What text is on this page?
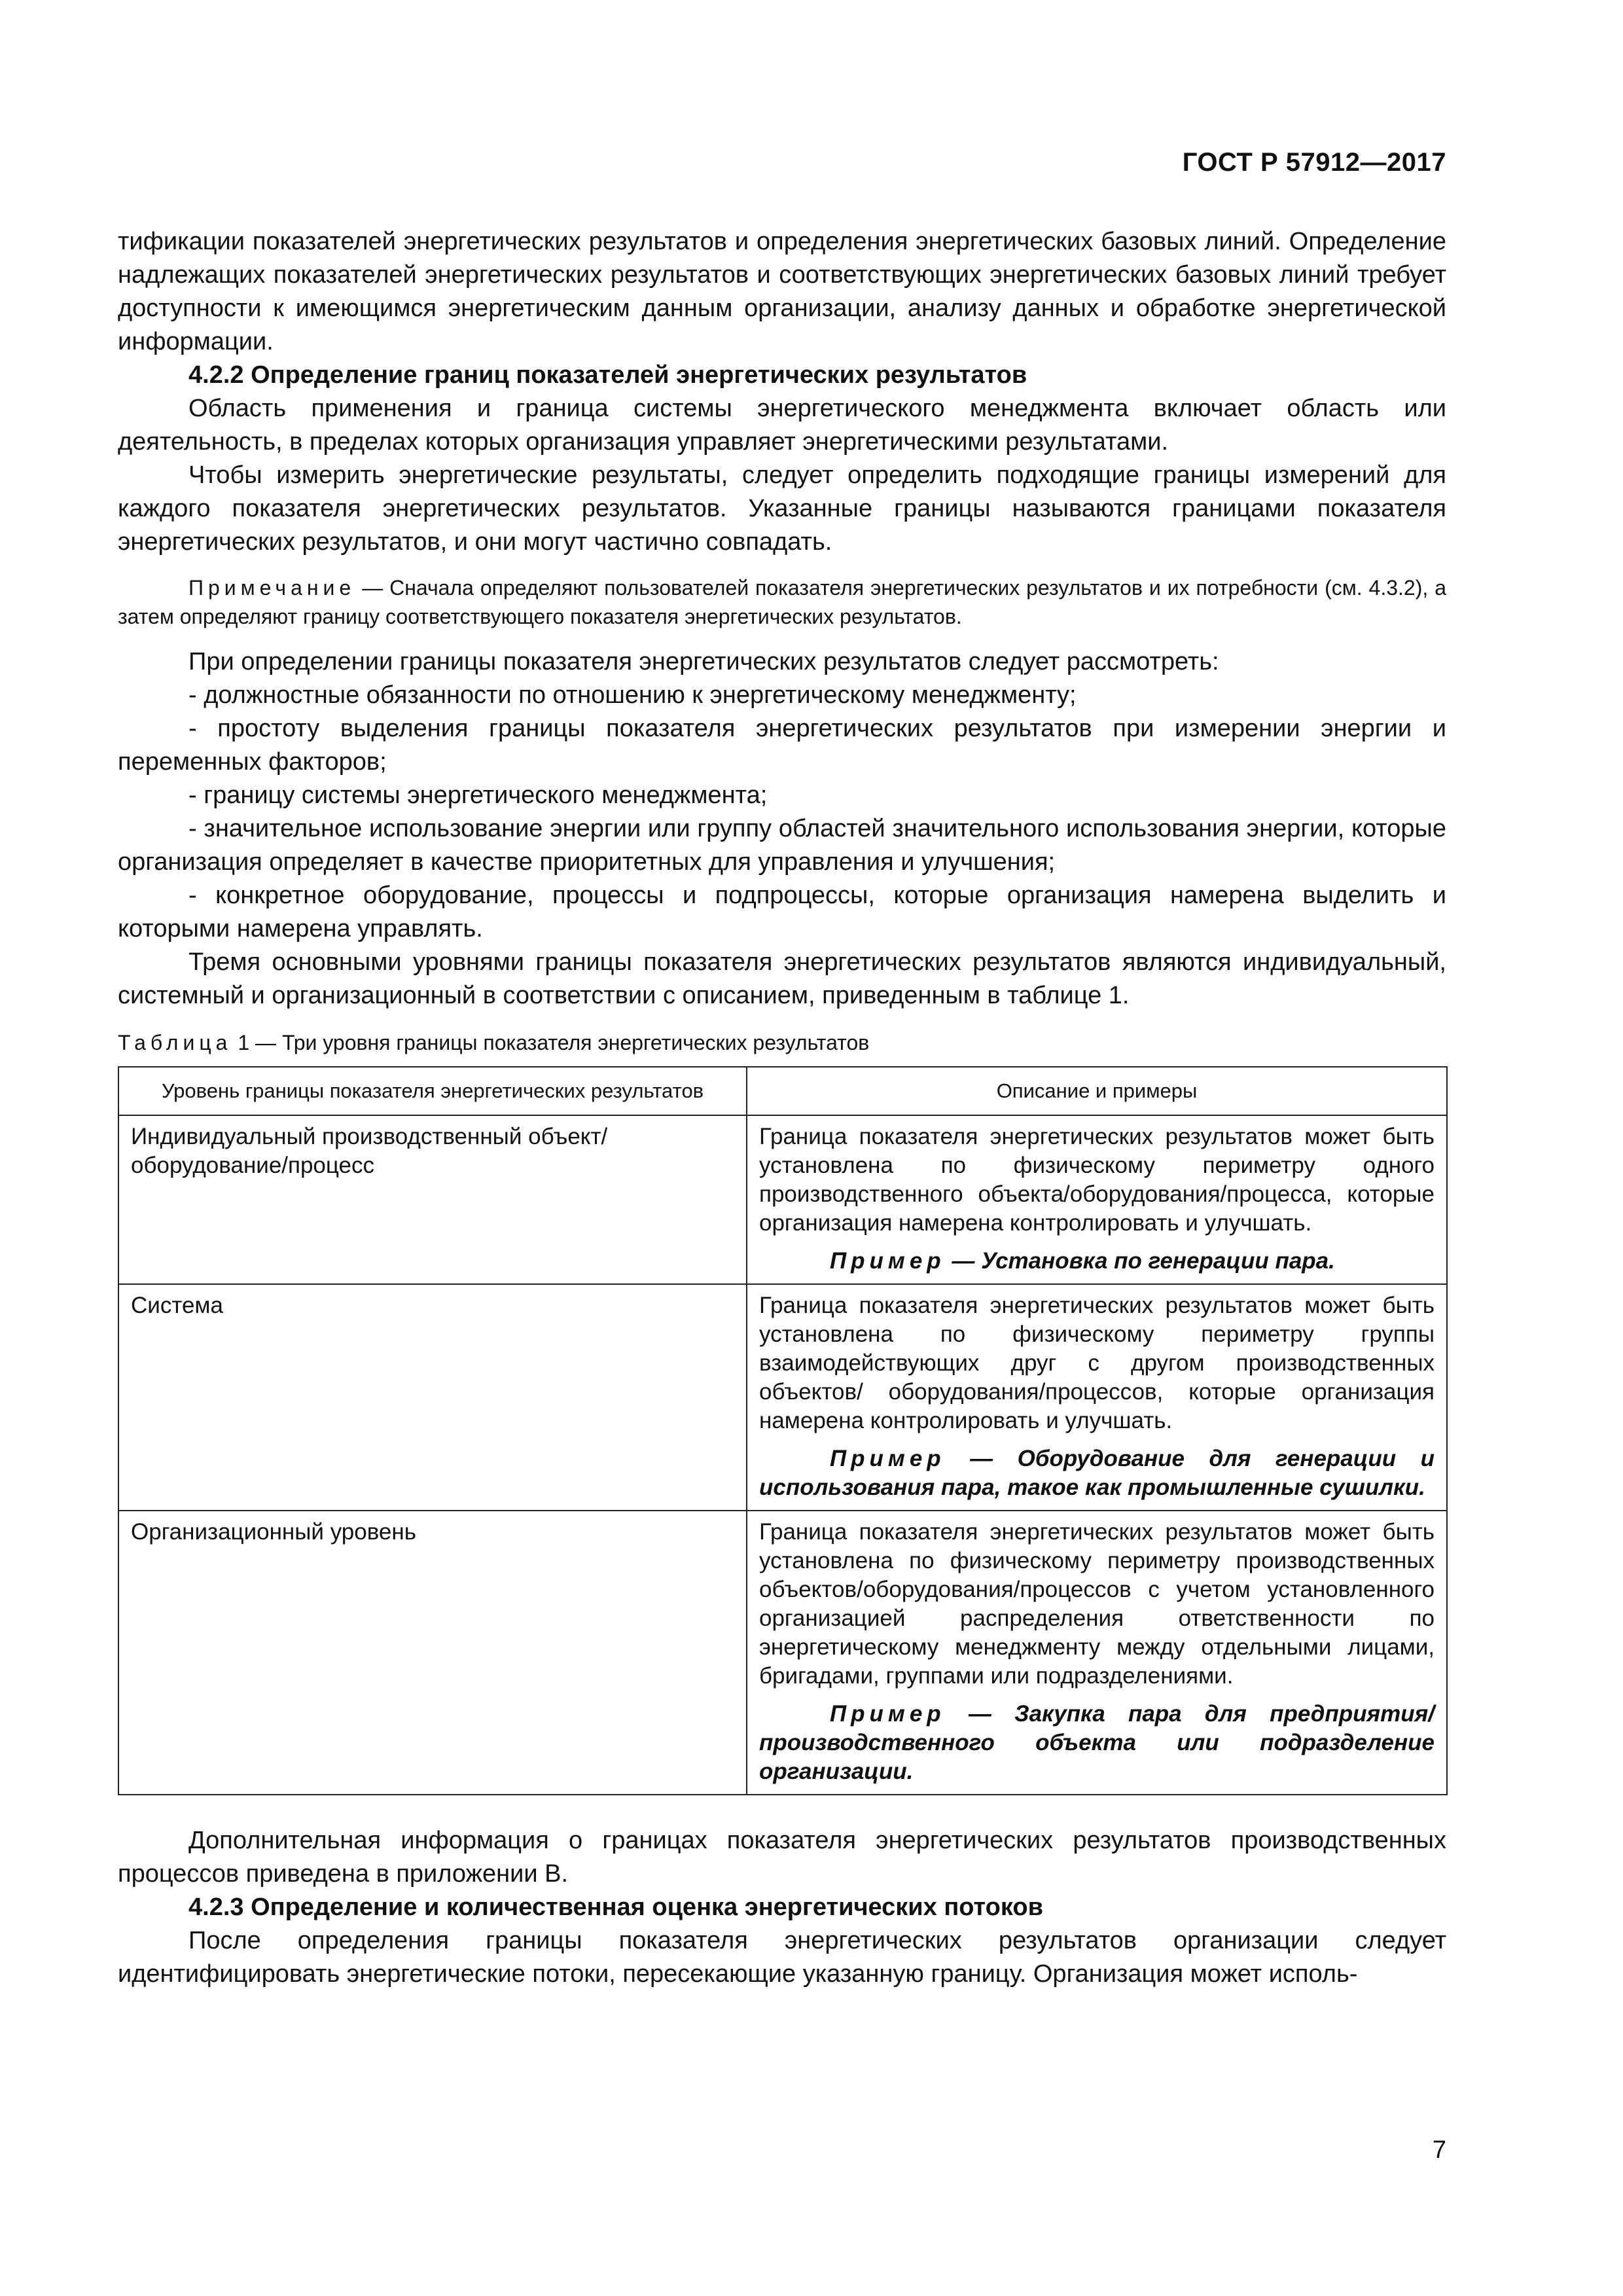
ГОСТ Р 57912—2017

тификации показателей энергетических результатов и определения энергетических базовых линий. Определение надлежащих показателей энергетических результатов и соответствующих энергетических базовых линий требует доступности к имеющимся энергетическим данным организации, анализу данных и обработке энергетической информации.

4.2.2 Определение границ показателей энергетических результатов

Область применения и граница системы энергетического менеджмента включает область или деятельность, в пределах которых организация управляет энергетическими результатами.

Чтобы измерить энергетические результаты, следует определить подходящие границы измерений для каждого показателя энергетических результатов. Указанные границы называются границами показателя энергетических результатов, и они могут частично совпадать.

Примечание — Сначала определяют пользователей показателя энергетических результатов и их потребности (см. 4.3.2), а затем определяют границу соответствующего показателя энергетических результатов.

При определении границы показателя энергетических результатов следует рассмотреть:

- должностные обязанности по отношению к энергетическому менеджменту;

- простоту выделения границы показателя энергетических результатов при измерении энергии и переменных факторов;

- границу системы энергетического менеджмента;

- значительное использование энергии или группу областей значительного использования энергии, которые организация определяет в качестве приоритетных для управления и улучшения;

- конкретное оборудование, процессы и подпроцессы, которые организация намерена выделить и которыми намерена управлять.

Тремя основными уровнями границы показателя энергетических результатов являются индивидуальный, системный и организационный в соответствии с описанием, приведенным в таблице 1.

Таблица 1 — Три уровня границы показателя энергетических результатов
Уровень границы показателя энергетических результатов	Описание и примеры
Индивидуальный производственный объект/оборудование/процесс	Граница показателя энергетических результатов может быть установлена по физическому периметру одного производственного объекта/оборудования/процесса, которые организация намерена контролировать и улучшать.

Пример — Установка по генерации пара.

Система	Граница показателя энергетических результатов может быть установлена по физическому периметру группы взаимодействующих друг с другом производственных объектов/ оборудования/процессов, которые организация намерена контролировать и улучшать.

Пример — Оборудование для генерации и использования пара, такое как промышленные сушилки.

Организационный уровень	Граница показателя энергетических результатов может быть установлена по физическому периметру производственных объектов/оборудования/процессов с учетом установленного организацией распределения ответственности по энергетическому менеджменту между отдельными лицами, бригадами, группами или подразделениями.

Пример — Закупка пара для предприятия/ производственного объекта или подразделение организации.

Дополнительная информация о границах показателя энергетических результатов производственных процессов приведена в приложении В.

4.2.3 Определение и количественная оценка энергетических потоков

После определения границы показателя энергетических результатов организации следует идентифицировать энергетические потоки, пересекающие указанную границу. Организация может исполь-

7
